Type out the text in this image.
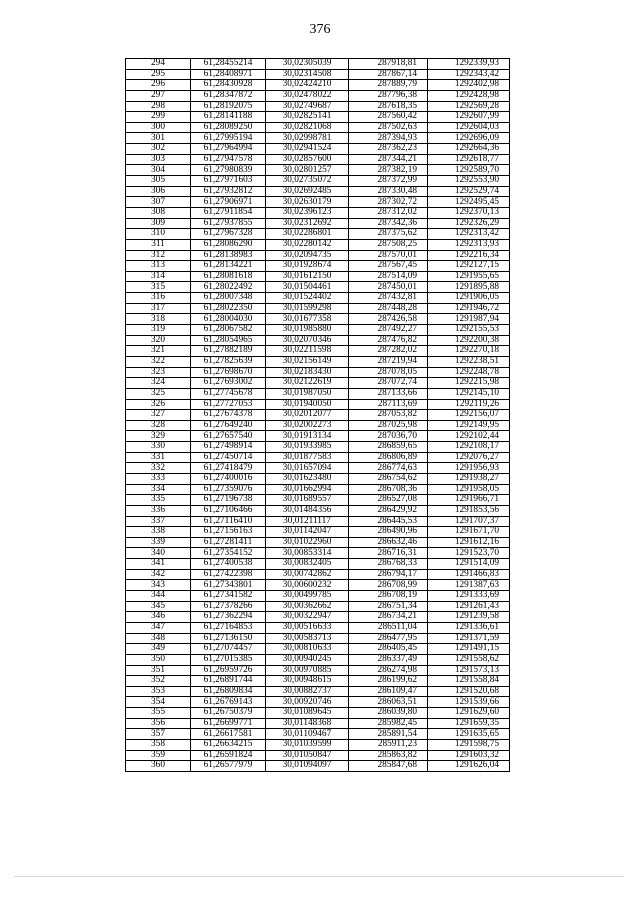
376
294	61,28455214	30,02305039	287918,81	1292339,93
295	61,28408971	30,02314508	287867,14	1292343,42
296	61,28430928	30,02424210	287889,79	1292402,98
297	61,28347872	30,02478022	287796,38	1292428,98
298	61,28192075	30,02749687	287618,35	1292569,28
299	61,28141188	30,02825141	287560,42	1292607,99
300	61,28089250	30,02821068	287502,63	1292604,03
301	61,27995194	30,02998781	287394,93	1292696,09
302	61,27964994	30,02941524	287362,23	1292664,36
303	61,27947578	30,02857600	287344,21	1292618,77
304	61,27980839	30,02801257	287382,19	1292589,70
305	61,27971603	30,02735072	287372,99	1292553,90
306	61,27932812	30,02692485	287330,48	1292529,74
307	61,27906971	30,02630179	287302,72	1292495,45
308	61,27911854	30,02396123	287312,02	1292370,13
309	61,27937855	30,02312692	287342,36	1292326,29
310	61,27967328	30,02286801	287375,62	1292313,42
311	61,28086290	30,02280142	287508,25	1292313,93
312	61,28138983	30,02094735	287570,01	1292216,34
313	61,28134221	30,01928674	287567,45	1292127,15
314	61,28081618	30,01612150	287514,09	1291955,65
315	61,28022492	30,01504461	287450,01	1291895,88
316	61,28007348	30,01524402	287432,81	1291906,05
317	61,28022350	30,01599298	287448,28	1291946,72
318	61,28004030	30,01677358	287426,58	1291987,94
319	61,28067582	30,01985880	287492,27	1292155,53
320	61,28054965	30,02070346	287476,82	1292200,38
321	61,27882189	30,02211598	287282,02	1292270,18
322	61,27825639	30,02156149	287219,94	1292238,51
323	61,27698670	30,02183430	287078,05	1292248,78
324	61,27693002	30,02122619	287072,74	1292215,98
325	61,27745678	30,01987050	287133,66	1292145,10
326	61,27727053	30,01940050	287113,69	1292119,26
327	61,27674378	30,02012077	287053,82	1292156,07
328	61,27649240	30,02002273	287025,98	1292149,95
329	61,27657540	30,01913134	287036,70	1292102,44
330	61,27498914	30,01933985	286859,65	1292108,17
331	61,27450714	30,01877583	286806,89	1292076,27
332	61,27418479	30,01657094	286774,63	1291956,93
333	61,27400016	30,01623480	286754,62	1291938,27
334	61,27359076	30,01662994	286708,36	1291958,05
335	61,27196738	30,01689557	286527,08	1291966,71
336	61,27106466	30,01484356	286429,92	1291853,56
337	61,27116410	30,01211117	286445,53	1291707,37
338	61,27156163	30,01142047	286490,96	1291671,70
339	61,27281411	30,01022960	286632,46	1291612,16
340	61,27354152	30,00853314	286716,31	1291523,70
341	61,27400538	30,00832405	286768,33	1291514,09
342	61,27422398	30,00742862	286794,17	1291466,83
343	61,27343801	30,00600232	286708,99	1291387,63
344	61,27341582	30,00499785	286708,19	1291333,69
345	61,27378266	30,00362662	286751,34	1291261,43
346	61,27362294	30,00322947	286734,21	1291239,58
347	61,27164853	30,00516633	286511,04	1291336,61
348	61,27136150	30,00583713	286477,95	1291371,59
349	61,27074457	30,00810633	286405,45	1291491,15
350	61,27015385	30,00940245	286337,49	1291558,62
351	61,26959726	30,00970885	286274,98	1291573,13
352	61,26891744	30,00948615	286199,62	1291558,84
353	61,26809834	30,00882737	286109,47	1291520,68
354	61,26769143	30,00920746	286063,51	1291539,66
355	61,26750379	30,01089645	286039,80	1291629,60
356	61,26699771	30,01148368	285982,45	1291659,35
357	61,26617581	30,01109467	285891,54	1291635,65
358	61,26634215	30,01039599	285911,23	1291598,75
359	61,26591824	30,01050847	285863,82	1291603,32
360	61,26577979	30,01094097	285847,68	1291626,04
